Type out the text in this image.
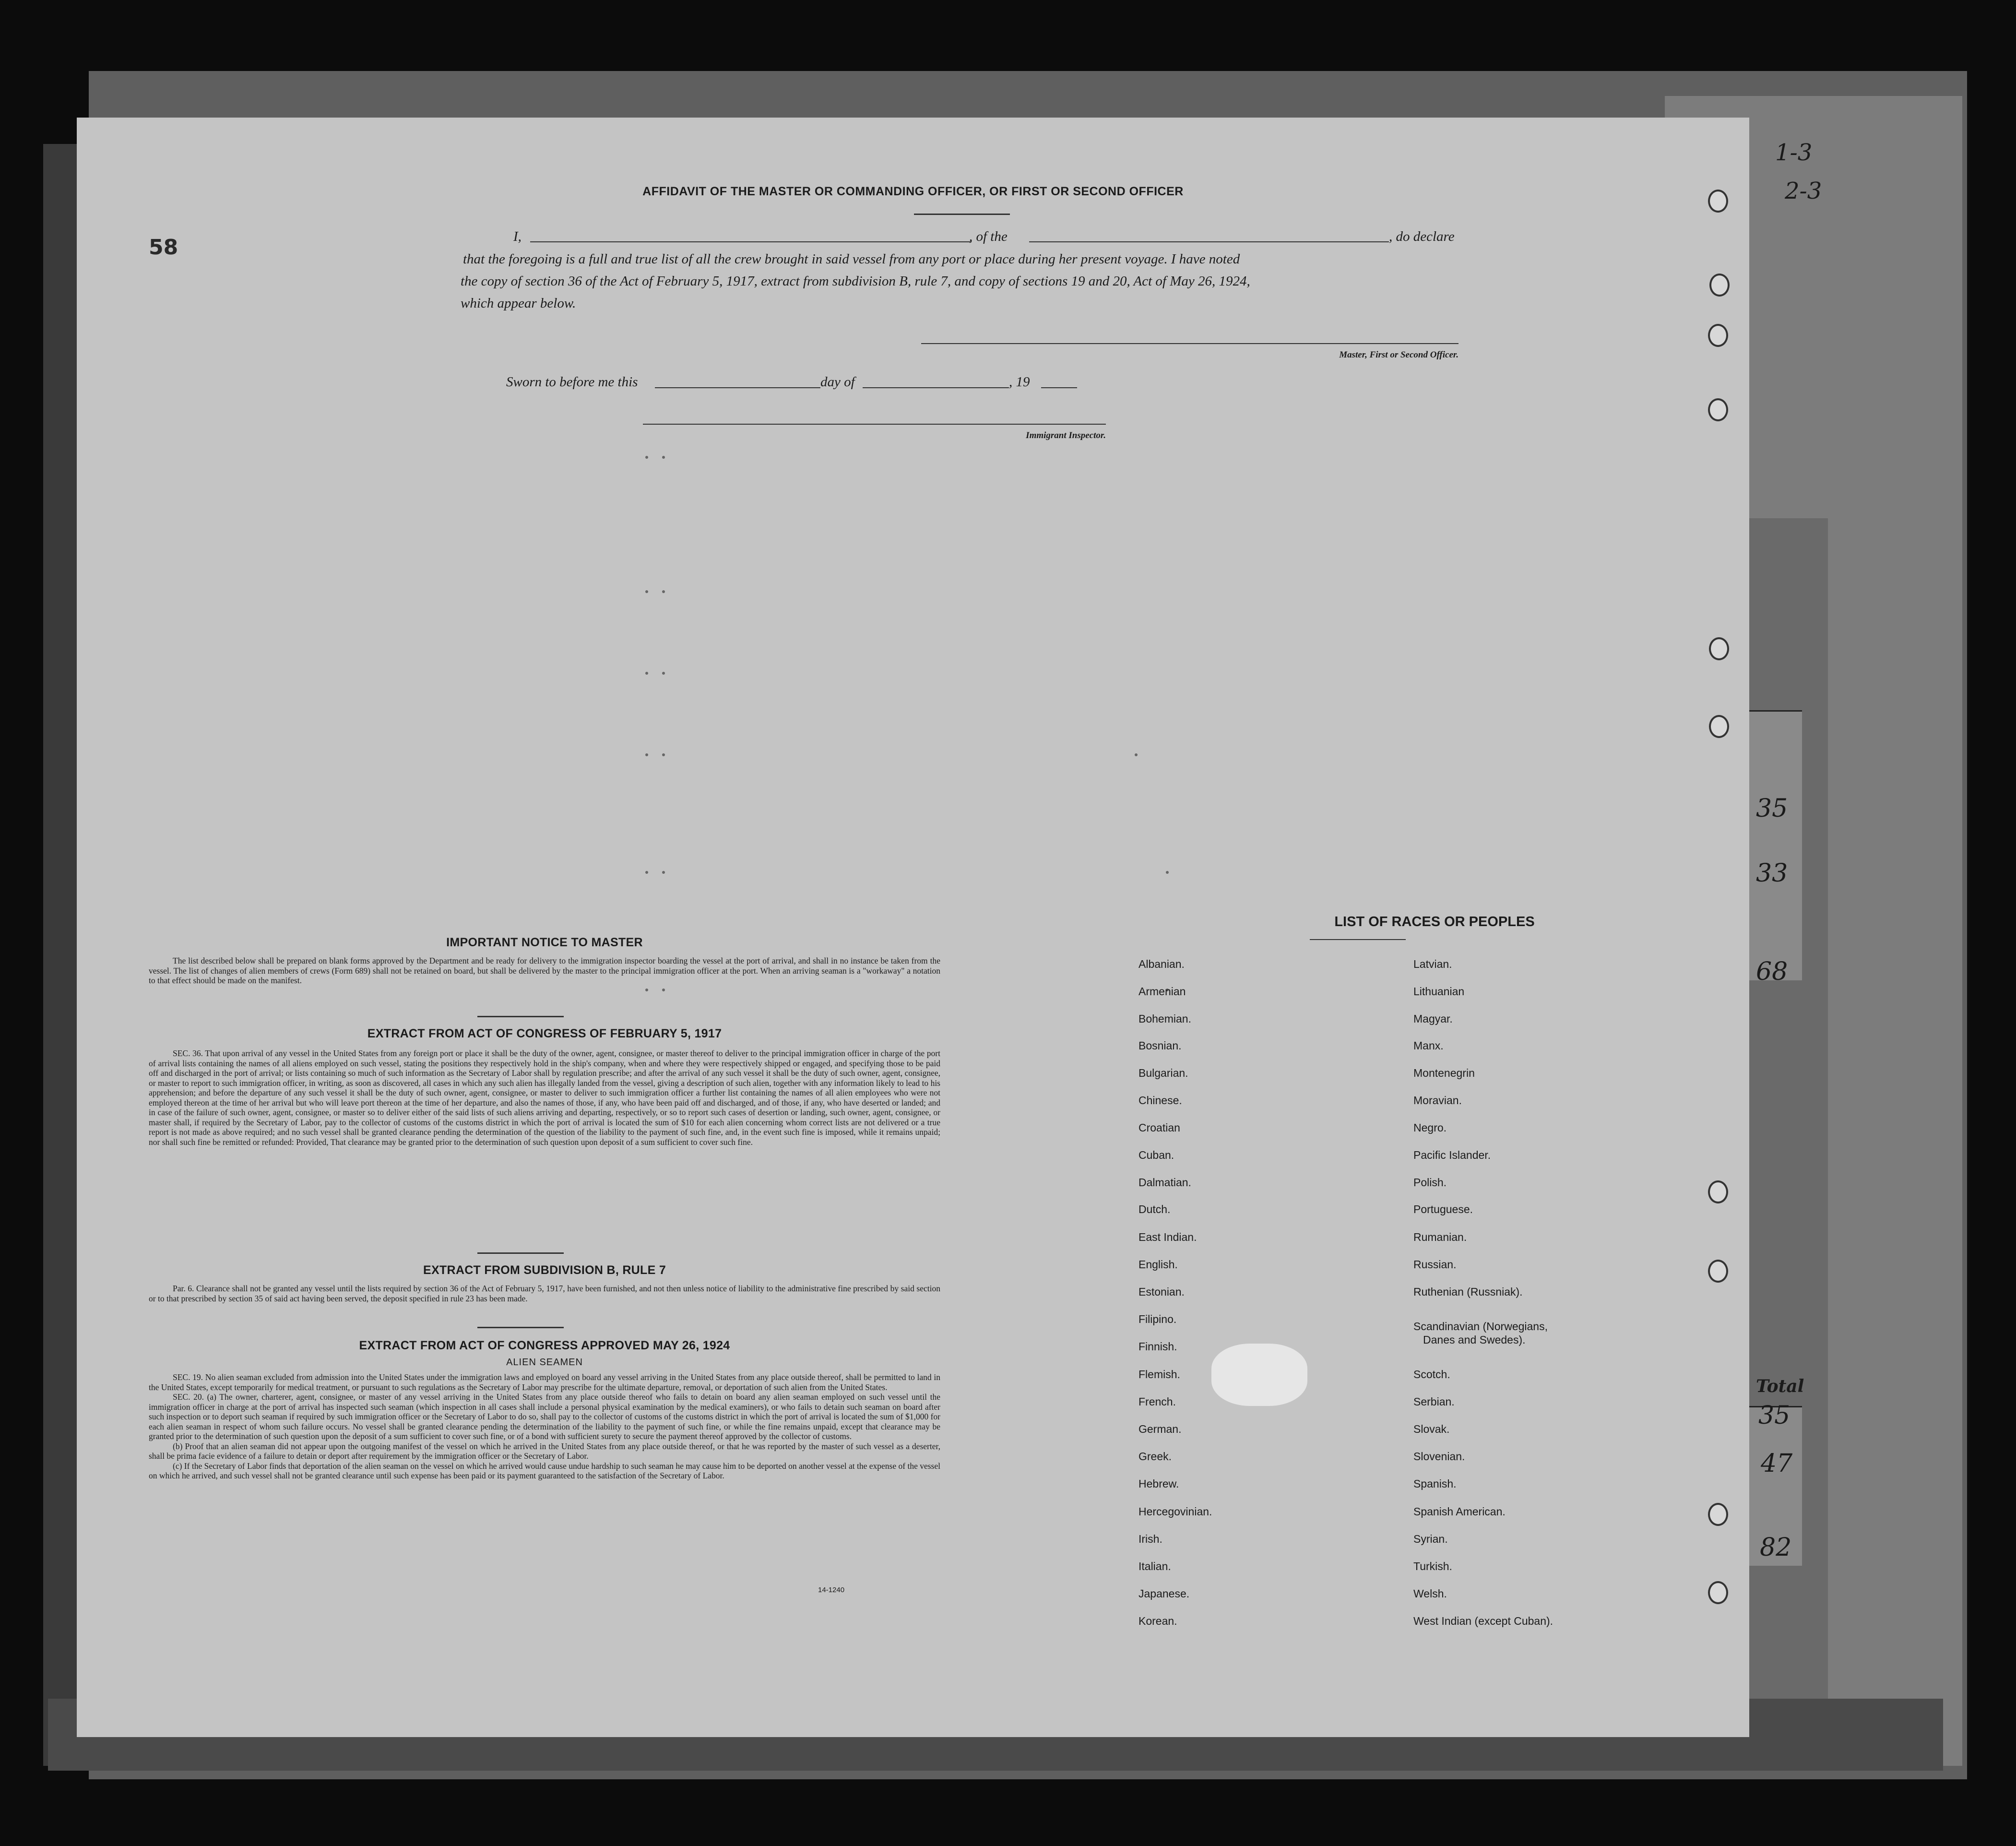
1-3
2-3
35
33
68
Total
35
47
82
58
AFFIDAVIT OF THE MASTER OR COMMANDING OFFICER, OR FIRST OR SECOND OFFICER
I,	, of the	, do declare
that the foregoing is a full and true list of all the crew brought in said vessel from any port or place during her present voyage. I have noted
the copy of section 36 of the Act of February 5, 1917, extract from subdivision B, rule 7, and copy of sections 19 and 20, Act of May 26, 1924,
which appear below.
Master, First or Second Officer.
Sworn to before me this	day of	, 19
Immigrant Inspector.
IMPORTANT NOTICE TO MASTER

The list described below shall be prepared on blank forms approved by the Department and be ready for delivery to the immigration inspector boarding the vessel at the port of arrival, and shall in no instance be taken from the vessel. The list of changes of alien members of crews (Form 689) shall not be retained on board, but shall be delivered by the master to the principal immigration officer at the port. When an arriving seaman is a "workaway" a notation to that effect should be made on the manifest.

EXTRACT FROM ACT OF CONGRESS OF FEBRUARY 5, 1917

SEC. 36. That upon arrival of any vessel in the United States from any foreign port or place it shall be the duty of the owner, agent, consignee, or master thereof to deliver to the principal immigration officer in charge of the port of arrival lists containing the names of all aliens employed on such vessel, stating the positions they respectively hold in the ship's company, when and where they were respectively shipped or engaged, and specifying those to be paid off and discharged in the port of arrival; or lists containing so much of such information as the Secretary of Labor shall by regulation prescribe; and after the arrival of any such vessel it shall be the duty of such owner, agent, consignee, or master to report to such immigration officer, in writing, as soon as discovered, all cases in which any such alien has illegally landed from the vessel, giving a description of such alien, together with any information likely to lead to his apprehension; and before the departure of any such vessel it shall be the duty of such owner, agent, consignee, or master to deliver to such immigration officer a further list containing the names of all alien employees who were not employed thereon at the time of her arrival but who will leave port thereon at the time of her departure, and also the names of those, if any, who have been paid off and discharged, and of those, if any, who have deserted or landed; and in case of the failure of such owner, agent, consignee, or master so to deliver either of the said lists of such aliens arriving and departing, respectively, or so to report such cases of desertion or landing, such owner, agent, consignee, or master shall, if required by the Secretary of Labor, pay to the collector of customs of the customs district in which the port of arrival is located the sum of $10 for each alien concerning whom correct lists are not delivered or a true report is not made as above required; and no such vessel shall be granted clearance pending the determination of the question of the liability to the payment of such fine, and, in the event such fine is imposed, while it remains unpaid; nor shall such fine be remitted or refunded: Provided, That clearance may be granted prior to the determination of such question upon deposit of a sum sufficient to cover such fine.

EXTRACT FROM SUBDIVISION B, RULE 7

Par. 6. Clearance shall not be granted any vessel until the lists required by section 36 of the Act of February 5, 1917, have been furnished, and not then unless notice of liability to the administrative fine prescribed by said section or to that prescribed by section 35 of said act having been served, the deposit specified in rule 23 has been made.

EXTRACT FROM ACT OF CONGRESS APPROVED MAY 26, 1924
ALIEN SEAMEN

SEC. 19. No alien seaman excluded from admission into the United States under the immigration laws and employed on board any vessel arriving in the United States from any place outside thereof, shall be permitted to land in the United States, except temporarily for medical treatment, or pursuant to such regulations as the Secretary of Labor may prescribe for the ultimate departure, removal, or deportation of such alien from the United States.

SEC. 20. (a) The owner, charterer, agent, consignee, or master of any vessel arriving in the United States from any place outside thereof who fails to detain on board any alien seaman employed on such vessel until the immigration officer in charge at the port of arrival has inspected such seaman (which inspection in all cases shall include a personal physical examination by the medical examiners), or who fails to detain such seaman on board after such inspection or to deport such seaman if required by such immigration officer or the Secretary of Labor to do so, shall pay to the collector of customs of the customs district in which the port of arrival is located the sum of $1,000 for each alien seaman in respect of whom such failure occurs. No vessel shall be granted clearance pending the determination of the liability to the payment of such fine, or while the fine remains unpaid, except that clearance may be granted prior to the determination of such question upon the deposit of a sum sufficient to cover such fine, or of a bond with sufficient surety to secure the payment thereof approved by the collector of customs.

(b) Proof that an alien seaman did not appear upon the outgoing manifest of the vessel on which he arrived in the United States from any place outside thereof, or that he was reported by the master of such vessel as a deserter, shall be prima facie evidence of a failure to detain or deport after requirement by the immigration officer or the Secretary of Labor.

(c) If the Secretary of Labor finds that deportation of the alien seaman on the vessel on which he arrived would cause undue hardship to such seaman he may cause him to be deported on another vessel at the expense of the vessel on which he arrived, and such vessel shall not be granted clearance until such expense has been paid or its payment guaranteed to the satisfaction of the Secretary of Labor.

14-1240
LIST OF RACES OR PEOPLES
Albanian.
Armenian
Bohemian.
Bosnian.
Bulgarian.
Chinese.
Croatian
Cuban.
Dalmatian.
Dutch.
East Indian.
English.
Estonian.
Filipino.
Finnish.
Flemish.
French.
German.
Greek.
Hebrew.
Hercegovinian.
Irish.
Italian.
Japanese.
Korean.
Latvian.
Lithuanian
Magyar.
Manx.
Montenegrin
Moravian.
Negro.
Pacific Islander.
Polish.
Portuguese.
Rumanian.
Russian.
Ruthenian (Russniak).
Scandinavian (Norwegians,
Danes and Swedes).
Scotch.
Serbian.
Slovak.
Slovenian.
Spanish.
Spanish American.
Syrian.
Turkish.
Welsh.
West Indian (except Cuban).
